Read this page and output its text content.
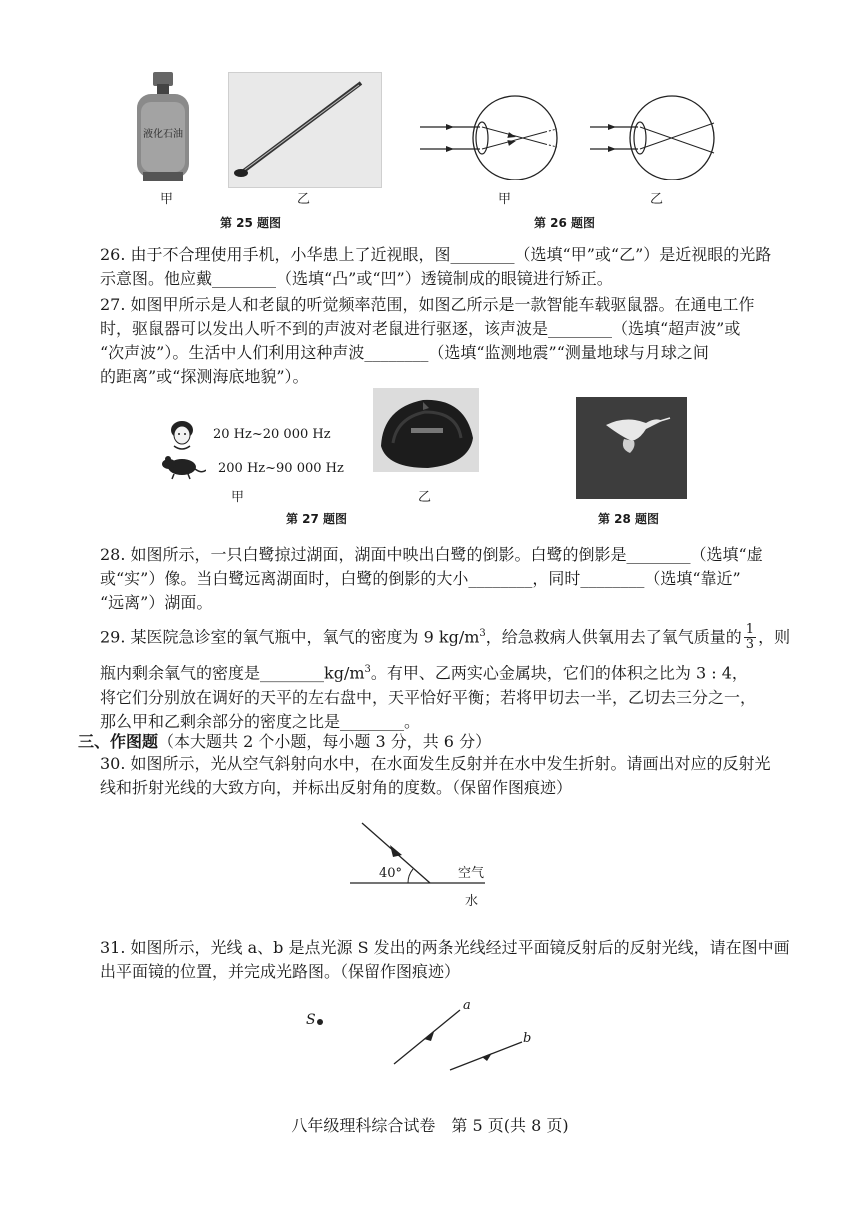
液化石油
甲	乙
第 25 题图
甲	乙
第 26 题图
26. 由于不合理使用手机，小华患上了近视眼，图________（选填“甲”或“乙”）是近视眼的光路
示意图。他应戴________（选填“凸”或“凹”）透镜制成的眼镜进行矫正。
27. 如图甲所示是人和老鼠的听觉频率范围，如图乙所示是一款智能车载驱鼠器。在通电工作
时，驱鼠器可以发出人听不到的声波对老鼠进行驱逐，该声波是________（选填“超声波”或
“次声波”）。生活中人们利用这种声波________（选填“监测地震”“测量地球与月球之间
的距离”或“探测海底地貌”）。
20 Hz~20 000 Hz
200 Hz~90 000 Hz
甲	乙
第 27 题图	第 28 题图
28. 如图所示，一只白鹭掠过湖面，湖面中映出白鹭的倒影。白鹭的倒影是________（选填“虚
或“实”）像。当白鹭远离湖面时，白鹭的倒影的大小________，同时________（选填“靠近”
“远离”）湖面。
29. 某医院急诊室的氧气瓶中，氧气的密度为 9 $kg/m^3$，给急救病人供氧用去了氧气质量的 $\frac{1}{3}$ ，则
瓶内剩余氧气的密度是$\_\_\_\_\_\_\_\_kg/m^3$。有甲、乙两实心金属块，它们的体积之比为 3 : 4，
将它们分别放在调好的天平的左右盘中，天平恰好平衡；若将甲切去一半，乙切去三分之一，
那么甲和乙剩余部分的密度之比是________。
三、作图题（本大题共 2 个小题，每小题 3 分，共 6 分）
30. 如图所示，光从空气斜射向水中，在水面发生反射并在水中发生折射。请画出对应的反射光
线和折射光线的大致方向，并标出反射角的度数。（保留作图痕迹）
40°	空气
水
31. 如图所示，光线 a、b 是点光源 S 发出的两条光线经过平面镜反射后的反射光线，请在图中画
出平面镜的位置，并完成光路图。（保留作图痕迹）
S
a
b
八年级理科综合试卷　第 5 页(共 8 页)
